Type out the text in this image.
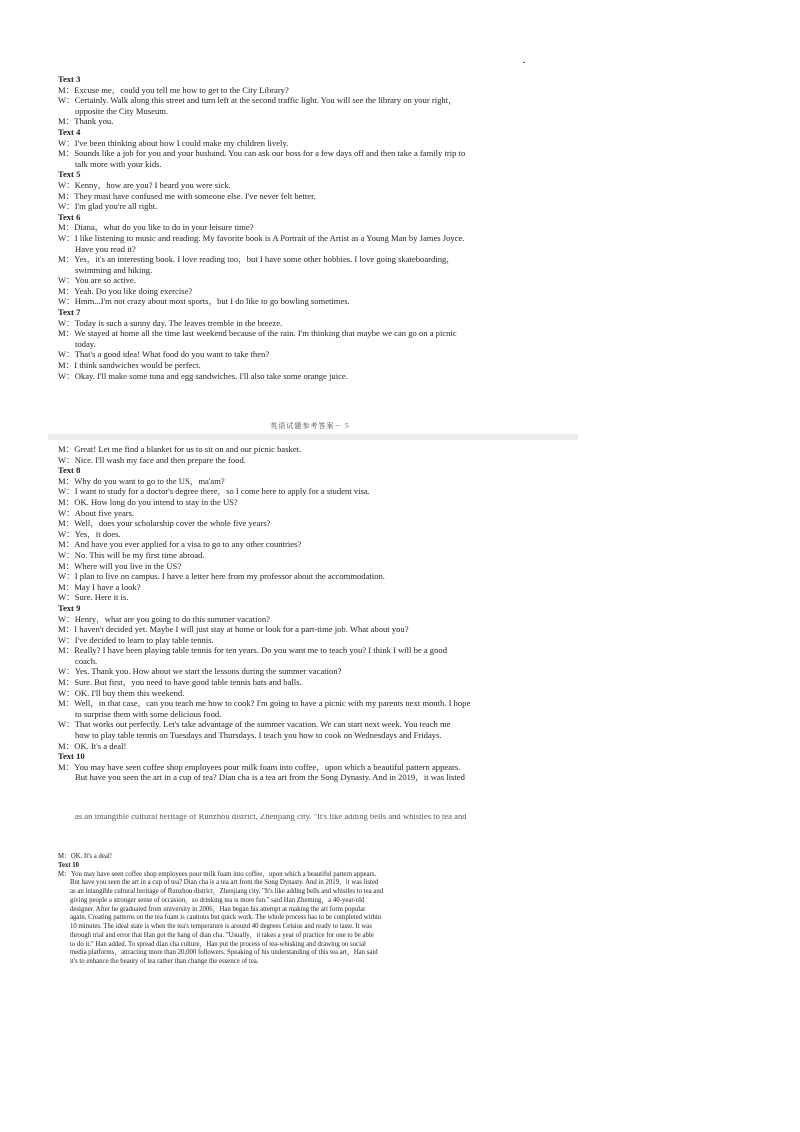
Text 3
M：Excuse me，could you tell me how to get to the City Library?
W：Certainly. Walk along this street and turn left at the second traffic light. You will see the library on your right，
opposite the City Museum.
M：Thank you.
Text 4
W：I've been thinking about how I could make my children lively.
M：Sounds like a job for you and your husband. You can ask our boss for a few days off and then take a family trip to
talk more with your kids.
Text 5
W：Kenny，how are you? I heard you were sick.
M：They must have confused me with someone else. I've never felt better.
W：I'm glad you're all right.
Text 6
M：Diana，what do you like to do in your leisure time?
W：I like listening to music and reading. My favorite book is A Portrait of the Artist as a Young Man by James Joyce.
Have you read it?
M：Yes，it's an interesting book. I love reading too，but I have some other hobbies. I love going skateboarding，
swimming and hiking.
W：You are so active.
M：Yeah. Do you like doing exercise?
W：Hmm...I'm not crazy about most sports，but I do like to go bowling sometimes.
Text 7
W：Today is such a sunny day. The leaves tremble in the breeze.
M：We stayed at home all the time last weekend because of the rain. I'm thinking that maybe we can go on a picnic
today.
W：That's a good idea! What food do you want to take then?
M：I think sandwiches would be perfect.
W：Okay. I'll make some tuna and egg sandwiches. I'll also take some orange juice.
英语试题参考答案－ 5
M：Great! Let me find a blanket for us to sit on and our picnic basket.
W：Nice. I'll wash my face and then prepare the food.
Text 8
M：Why do you want to go to the US，ma'am?
W：I want to study for a doctor's degree there，so I come here to apply for a student visa.
M：OK. How long do you intend to stay in the US?
W：About five years.
M：Well，does your scholarship cover the whole five years?
W：Yes，it does.
M：And have you ever applied for a visa to go to any other countries?
W：No. This will be my first time abroad.
M：Where will you live in the US?
W：I plan to live on campus. I have a letter here from my professor about the accommodation.
M：May I have a look?
W：Sure. Here it is.
Text 9
W：Henry，what are you going to do this summer vacation?
M：I haven't decided yet. Maybe I will just stay at home or look for a part-time job. What about you?
W：I've decided to learn to play table tennis.
M：Really? I have been playing table tennis for ten years. Do you want me to teach you? I think I will be a good
coach.
W：Yes. Thank you. How about we start the lessons during the summer vacation?
M：Sure. But first，you need to have good table tennis bats and balls.
W：OK. I'll buy them this weekend.
M：Well，in that case，can you teach me how to cook? I'm going to have a picnic with my parents next month. I hope
to surprise them with some delicious food.
W：That works out perfectly. Let's take advantage of the summer vacation. We can start next week. You teach me
how to play table tennis on Tuesdays and Thursdays. I teach you how to cook on Wednesdays and Fridays.
M：OK. It's a deal!
Text 10
M：You may have seen coffee shop employees pour milk foam into coffee，upon which a beautiful pattern appears.
But have you seen the art in a cup of tea? Dian cha is a tea art from the Song Dynasty. And in 2019，it was listed
as an intangible cultural heritage of Runzhou district, Zhenjiang city. "It's like adding bells and whistles to tea and
M：OK. It's a deal!
Text 10
M：You may have seen coffee shop employees pour milk foam into coffee，upon which a beautiful pattern appears.
But have you seen the art in a cup of tea? Dian cha is a tea art from the Song Dynasty. And in 2019，it was listed
as an intangible cultural heritage of Runzhou district，Zhenjiang city. "It's like adding bells and whistles to tea and
giving people a stronger sense of occasion，so drinking tea is more fun." said Han Zheming，a 40-year-old
designer. After he graduated from university in 2006，Han began his attempt at making the art form popular
again. Creating patterns on the tea foam is cautious but quick work. The whole process has to be completed within
10 minutes. The ideal state is when the tea's temperature is around 40 degrees Celsius and ready to taste. It was
through trial and error that Han got the hang of dian cha. "Usually，it takes a year of practice for one to be able
to do it." Han added. To spread dian cha culture，Han put the process of tea-whisking and drawing on social
media platforms，attracting more than 20,000 followers. Speaking of his understanding of this tea art，Han said
it's to enhance the beauty of tea rather than change the essence of tea.
